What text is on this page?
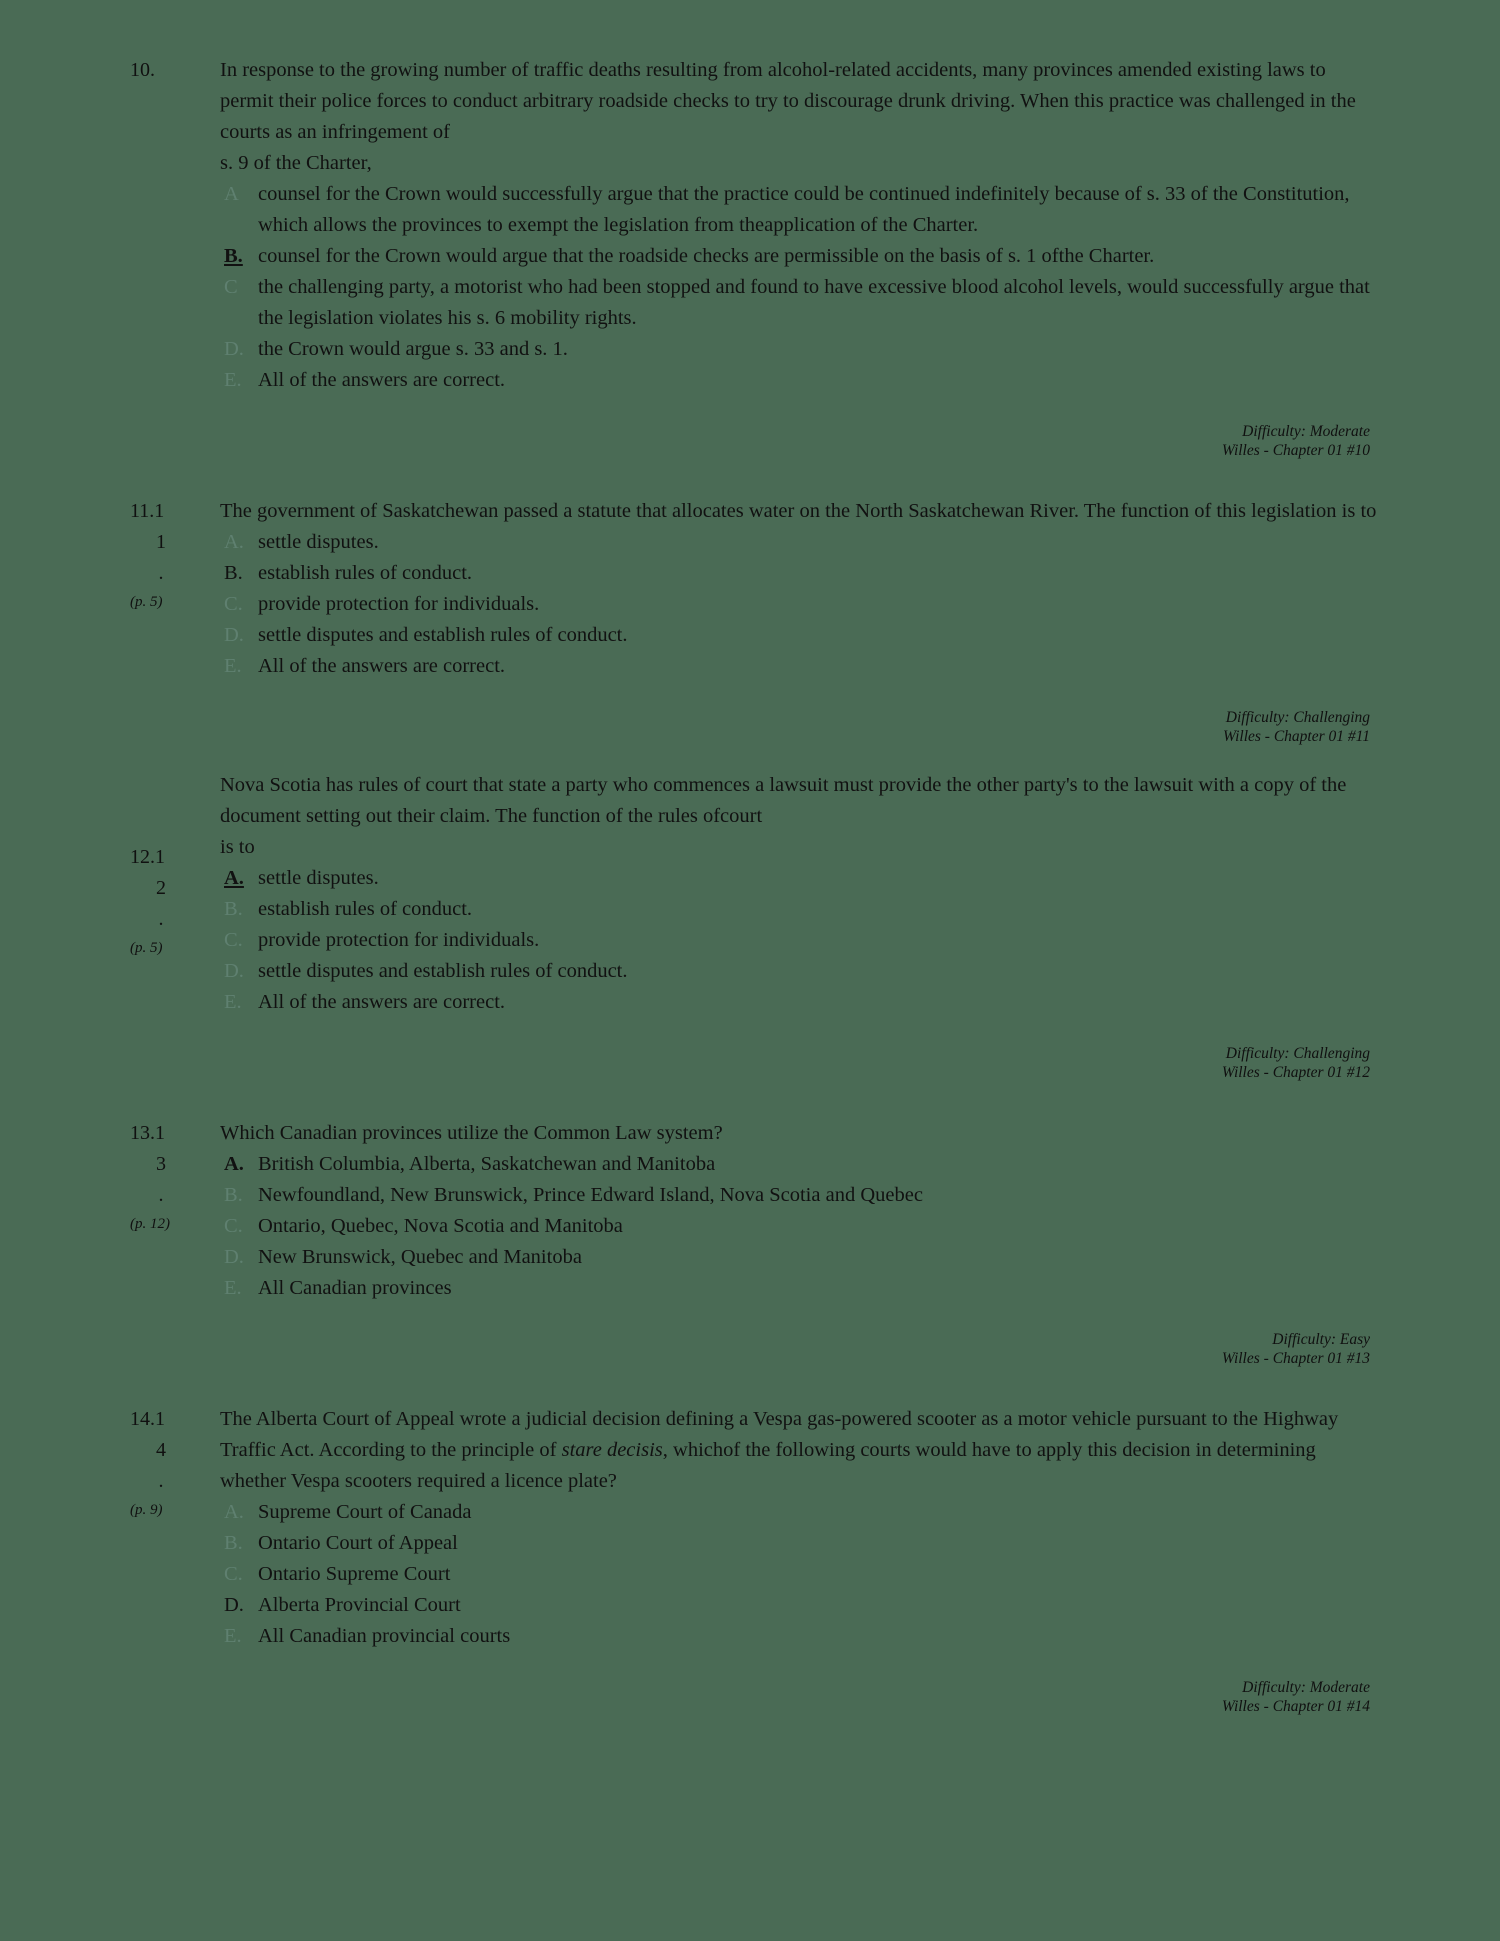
10.	In response to the growing number of traffic deaths resulting from alcohol-related accidents, many provinces amended existing laws to permit their police forces to conduct arbitrary roadside checks to try to discourage drunk driving. When this practice was challenged in the courts as an infringement of
s. 9 of the Charter,
A counsel for the Crown would successfully argue that the practice could be continued indefinitely because of s. 33 of the Constitution, which allows the provinces to exempt the legislation from theapplication of the Charter.
B. counsel for the Crown would argue that the roadside checks are permissible on the basis of s. 1 ofthe Charter.
C the challenging party, a motorist who had been stopped and found to have excessive blood alcohol levels, would successfully argue that the legislation violates his s. 6 mobility rights.
D. the Crown would argue s. 33 and s. 1.
E. All of the answers are correct.
Difficulty: Moderate
Willes - Chapter 01 #10
11.1
1
.
(p. 5)
The government of Saskatchewan passed a statute that allocates water on the North Saskatchewan River. The function of this legislation is to
A. settle disputes.
B. establish rules of conduct.
C. provide protection for individuals.
D. settle disputes and establish rules of conduct.
E. All of the answers are correct.
Difficulty: Challenging
Willes - Chapter 01 #11
12.1
2
.
(p. 5)
Nova Scotia has rules of court that state a party who commences a lawsuit must provide the other party's to the lawsuit with a copy of the document setting out their claim. The function of the rules ofcourt
is to
A. settle disputes.
B. establish rules of conduct.
C. provide protection for individuals.
D. settle disputes and establish rules of conduct.
E. All of the answers are correct.
Difficulty: Challenging
Willes - Chapter 01 #12
13.1
3
.
(p. 12)
Which Canadian provinces utilize the Common Law system?
A. British Columbia, Alberta, Saskatchewan and Manitoba
B. Newfoundland, New Brunswick, Prince Edward Island, Nova Scotia and Quebec
C. Ontario, Quebec, Nova Scotia and Manitoba
D. New Brunswick, Quebec and Manitoba
E. All Canadian provinces
Difficulty: Easy
Willes - Chapter 01 #13
14.1
4
.
(p. 9)
The Alberta Court of Appeal wrote a judicial decision defining a Vespa gas-powered scooter as a motor vehicle pursuant to the Highway Traffic Act. According to the principle of stare decisis, whichof the following courts would have to apply this decision in determining whether Vespa scooters required a licence plate?
A. Supreme Court of Canada
B. Ontario Court of Appeal
C. Ontario Supreme Court
D. Alberta Provincial Court
E. All Canadian provincial courts
Difficulty: Moderate
Willes - Chapter 01 #14
